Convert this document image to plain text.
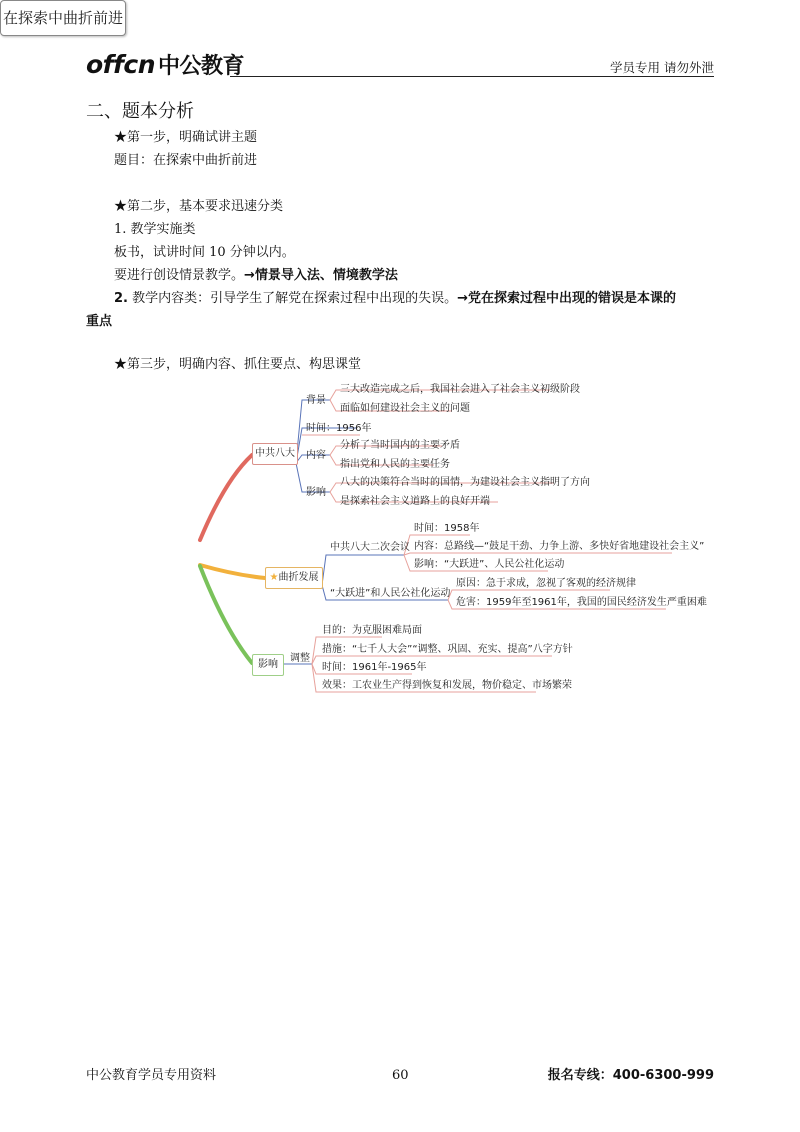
offcn 中公教育	学员专用 请勿外泄
二、题本分析
★第一步，明确试讲主题
题目：在探索中曲折前进
★第二步，基本要求迅速分类
1. 教学实施类
板书，试讲时间 10 分钟以内。
要进行创设情景教学。→情景导入法、情境教学法
2. 教学内容类：引导学生了解党在探索过程中出现的失误。→党在探索过程中出现的错误是本课的
重点
★第三步，明确内容、抓住要点、构思课堂
在探索中曲折前进
中共八大
背景
三大改造完成之后，我国社会进入了社会主义初级阶段
面临如何建设社会主义的问题
时间：1956年
内容
分析了当时国内的主要矛盾
指出党和人民的主要任务
影响
八大的决策符合当时的国情，为建设社会主义指明了方向
是探索社会主义道路上的良好开端
★曲折发展
中共八大二次会议
时间：1958年
内容：总路线—“鼓足干劲、力争上游、多快好省地建设社会主义”
影响：“大跃进”、人民公社化运动
“大跃进”和人民公社化运动
原因：急于求成，忽视了客观的经济规律
危害：1959年至1961年，我国的国民经济发生严重困难
影响
调整
目的：为克服困难局面
措施：“七千人大会”“调整、巩固、充实、提高”八字方针
时间：1961年-1965年
效果：工农业生产得到恢复和发展，物价稳定、市场繁荣
中公教育学员专用资料	60	报名专线：400-6300-999
